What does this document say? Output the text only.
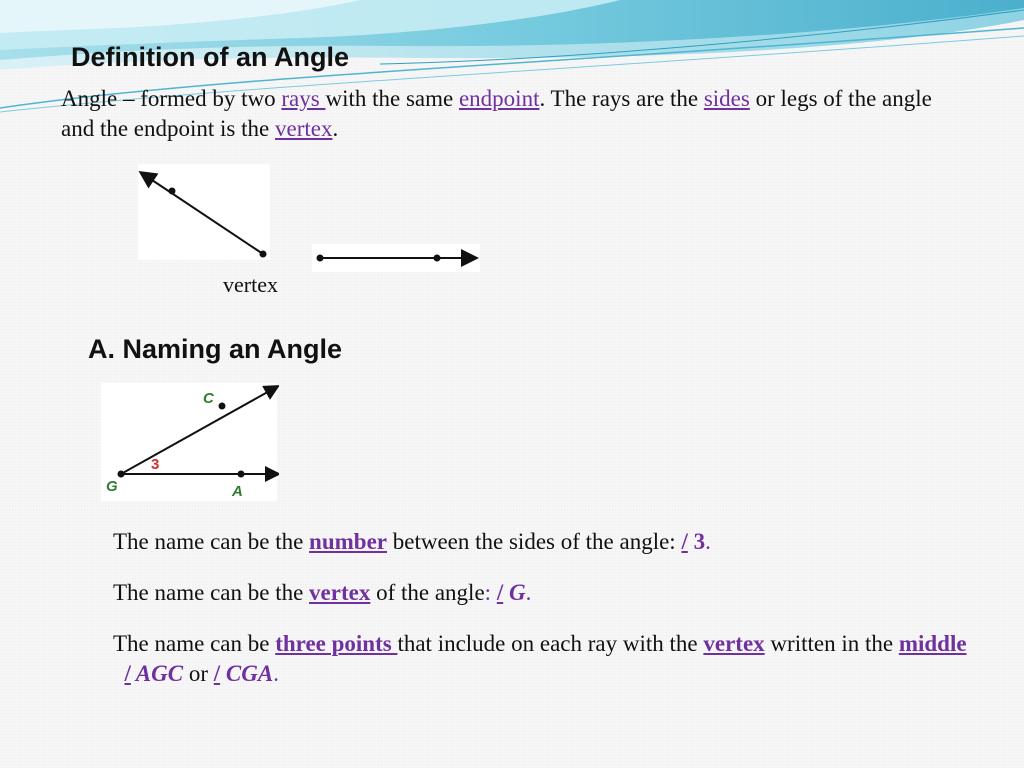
Definition of an Angle

Angle – formed by two rays with the same endpoint. The rays are the sides or legs of the angle and the endpoint is the vertex.

vertex
A. Naming an Angle
C
G	A
3

The name can be the number between the sides of the angle: / 3.

The name can be the vertex of the angle: / G.

The name can be three points that include on each ray with the vertex written in the middle  / AGC or / CGA.
